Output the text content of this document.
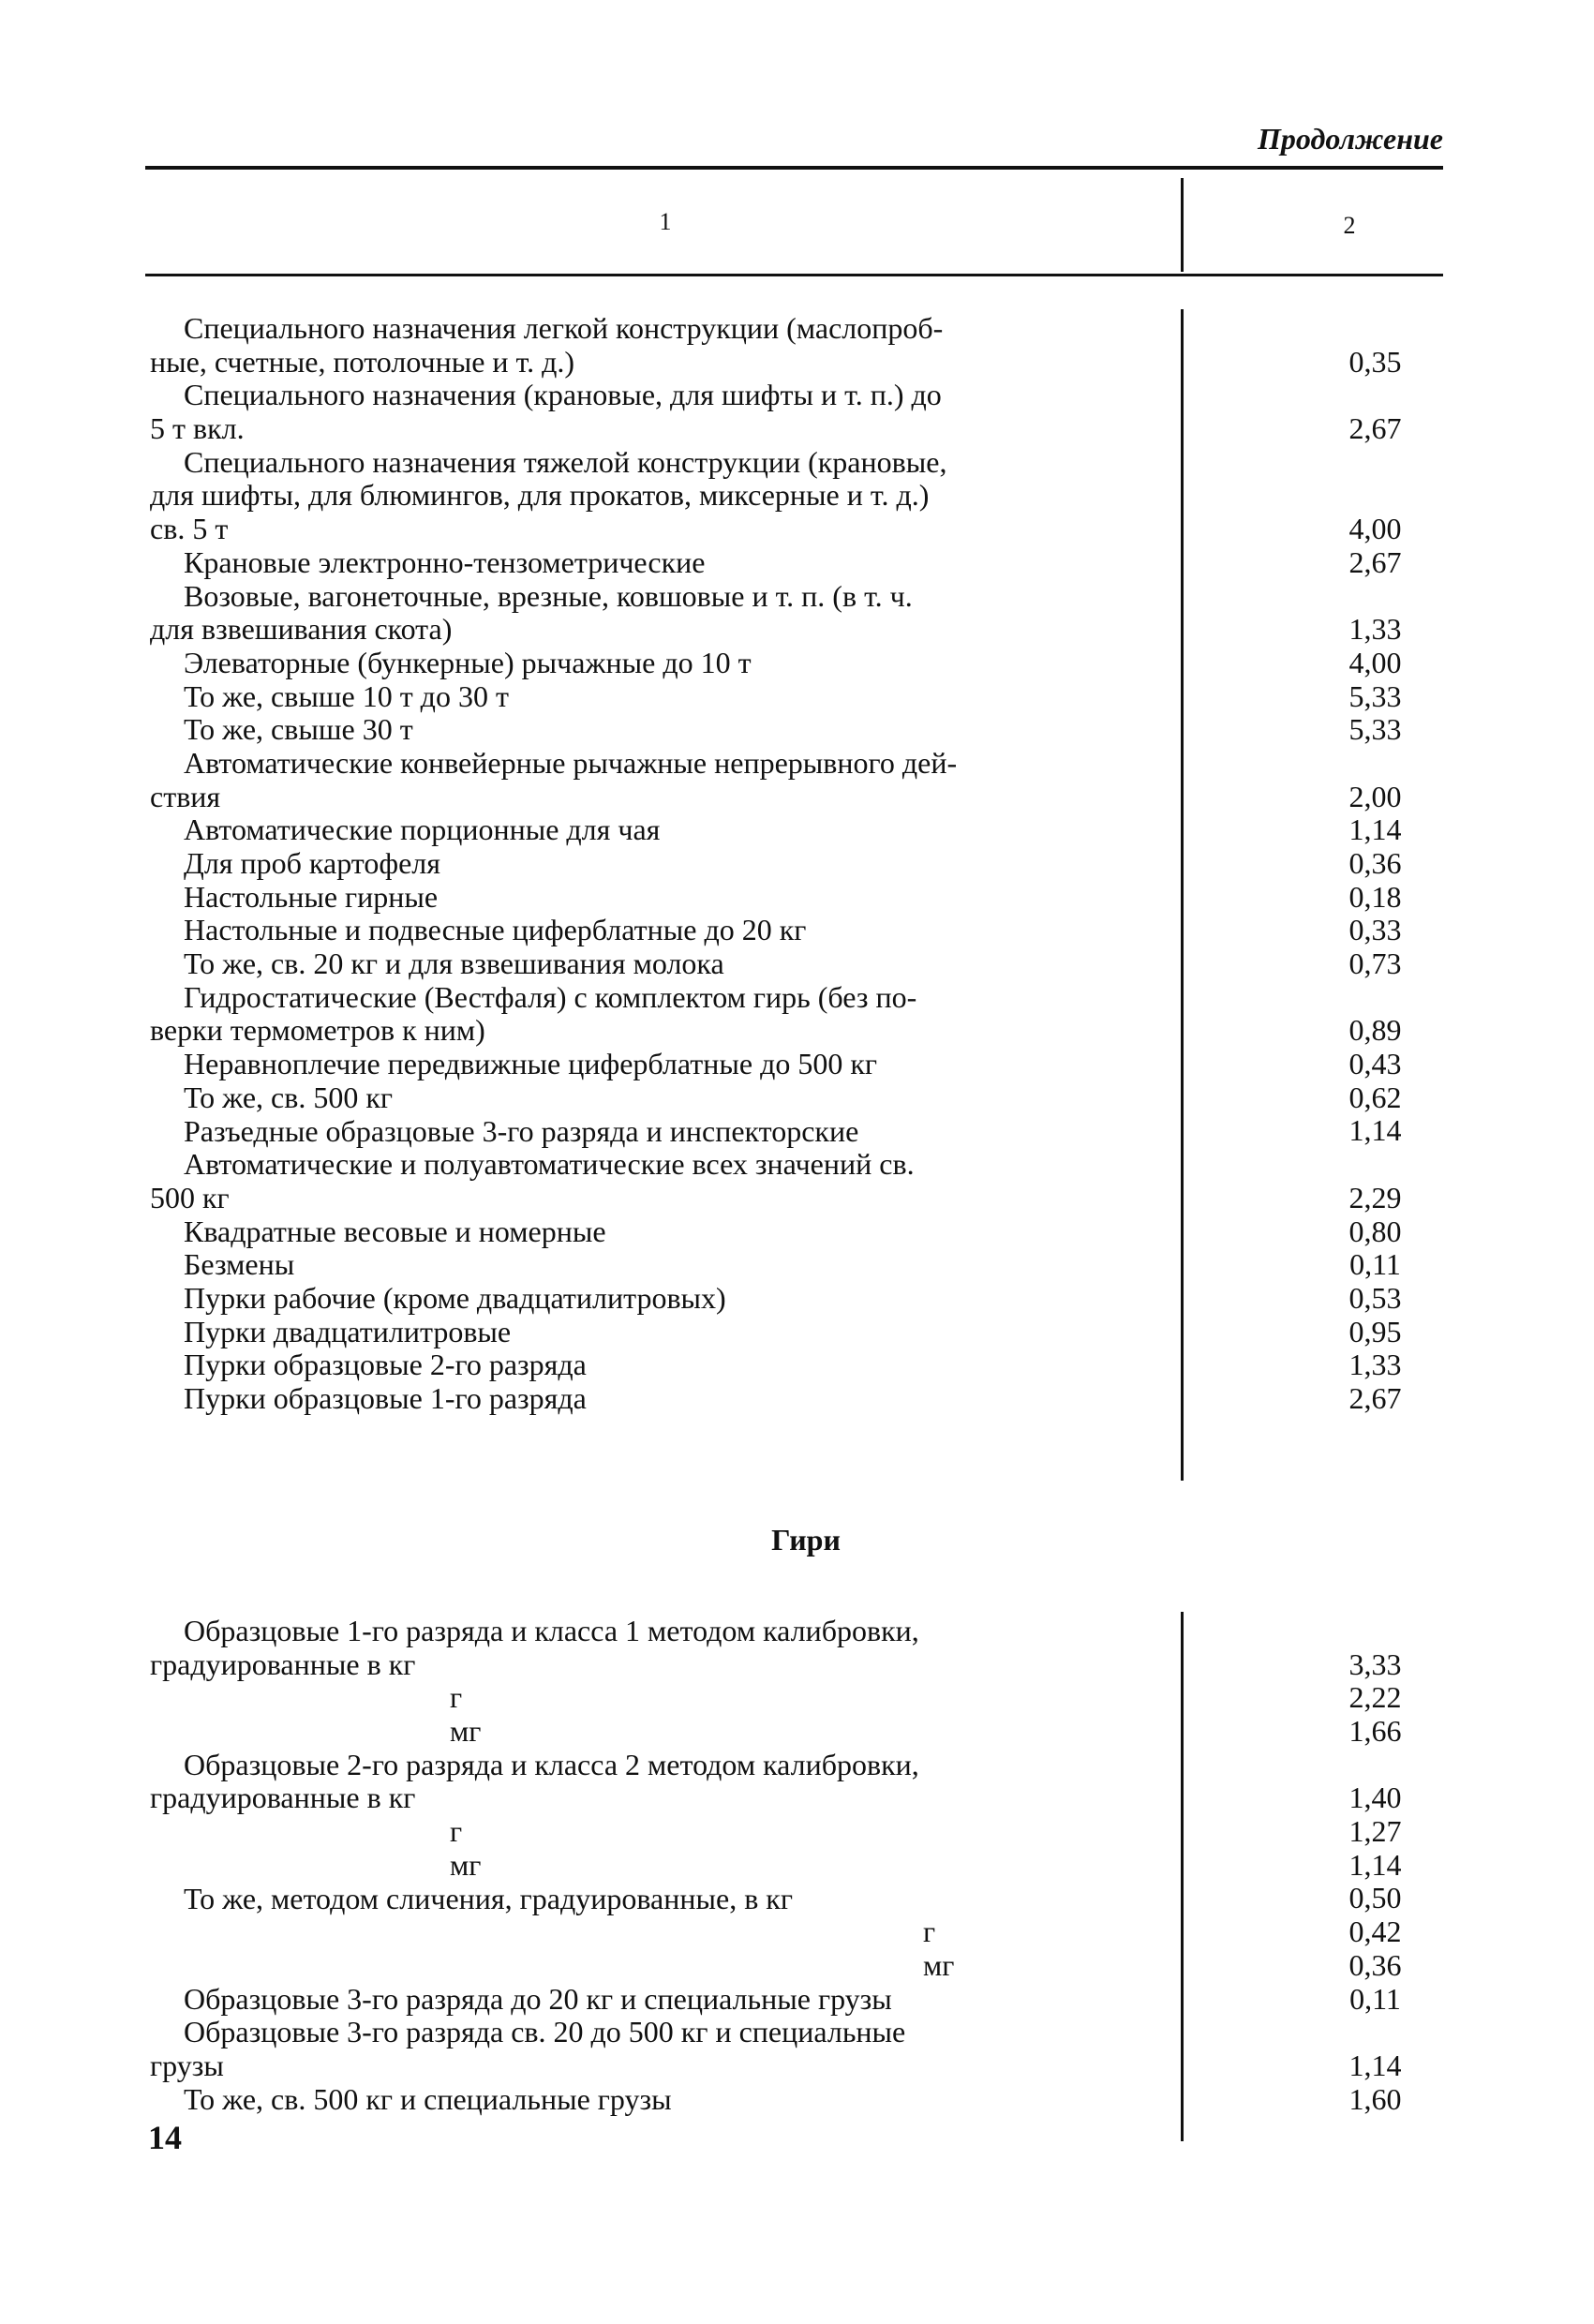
Продолжение
1	2
Специального назначения легкой конструкции (маслопроб-
ные, счетные, потолочные и т. д.)	0,35
Специального назначения (крановые, для шифты и т. п.) до
5 т вкл.	2,67
Специального назначения тяжелой конструкции (крановые,
для шифты, для блюмингов, для прокатов, миксерные и т. д.)
св. 5 т	4,00
Крановые электронно-тензометрические	2,67
Возовые, вагонеточные, врезные, ковшовые и т. п. (в т. ч.
для взвешивания скота)	1,33
Элеваторные (бункерные) рычажные до 10 т	4,00
То же, свыше 10 т до 30 т	5,33
То же, свыше 30 т	5,33
Автоматические конвейерные рычажные непрерывного дей-
ствия	2,00
Автоматические порционные для чая	1,14
Для проб картофеля	0,36
Настольные гирные	0,18
Настольные и подвесные циферблатные до 20 кг	0,33
То же, св. 20 кг и для взвешивания молока	0,73
Гидростатические (Вестфаля) с комплектом гирь (без по-
верки термометров к ним)	0,89
Неравноплечие передвижные циферблатные до 500 кг	0,43
То же, св. 500 кг	0,62
Разъедные образцовые 3-го разряда и инспекторские	1,14
Автоматические и полуавтоматические всех значений св.
500 кг	2,29
Квадратные весовые и номерные	0,80
Безмены	0,11
Пурки рабочие (кроме двадцатилитровых)	0,53
Пурки двадцатилитровые	0,95
Пурки образцовые 2-го разряда	1,33
Пурки образцовые 1-го разряда	2,67
Гири
Образцовые 1-го разряда и класса 1 методом калибровки,
градуированные в кг	3,33
г	2,22
мг	1,66
Образцовые 2-го разряда и класса 2 методом калибровки,
градуированные в кг	1,40
г	1,27
мг	1,14
То же, методом сличения, градуированные, в кг	0,50
г	0,42
мг	0,36
Образцовые 3-го разряда до 20 кг и специальные грузы	0,11
Образцовые 3-го разряда св. 20 до 500 кг и специальные
грузы	1,14
То же, св. 500 кг и специальные грузы	1,60
14
